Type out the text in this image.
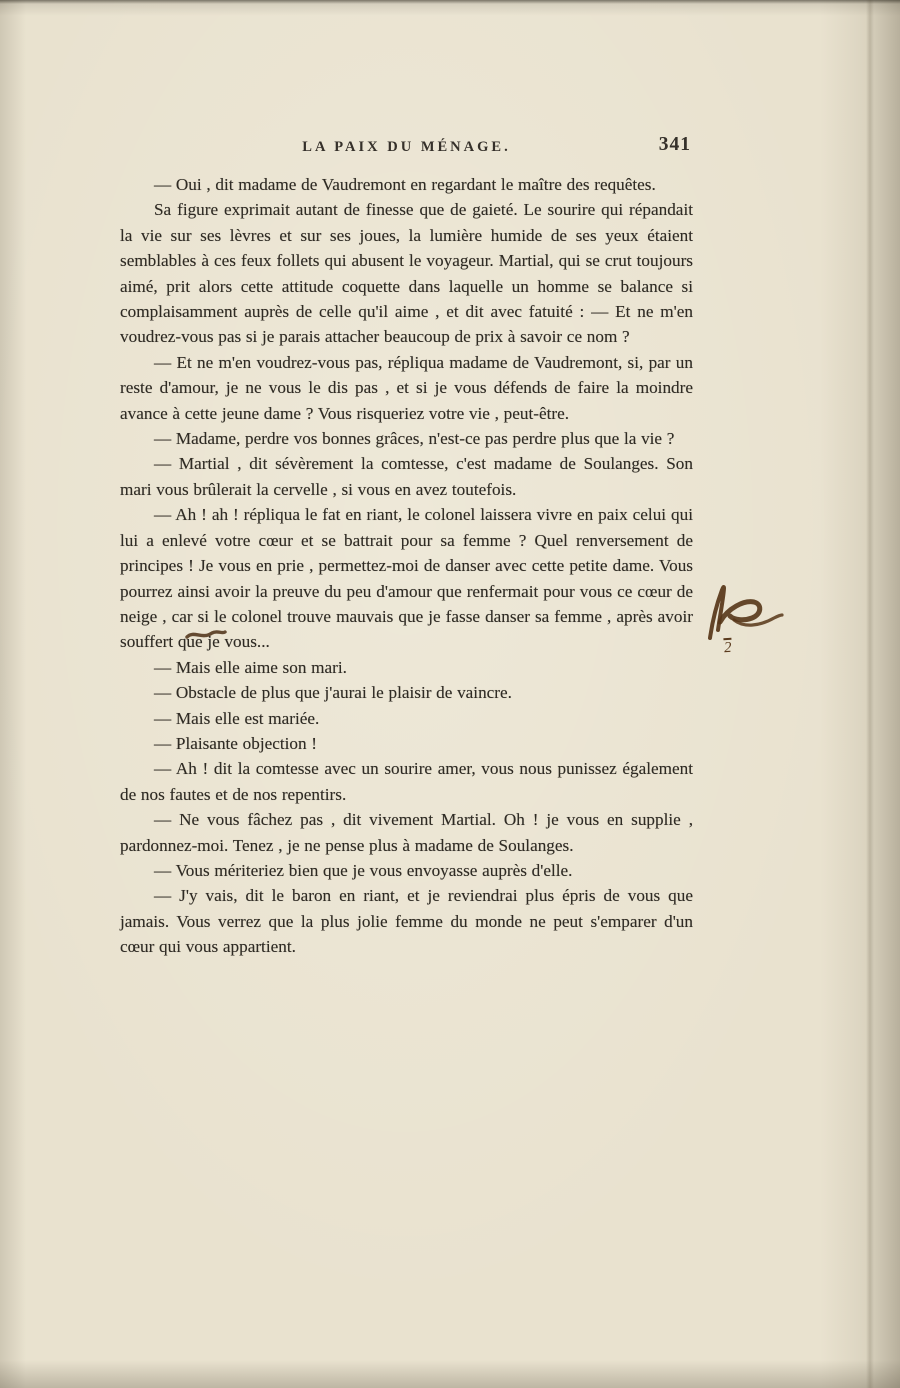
LA PAIX DU MÉNAGE.	341

— Oui , dit madame de Vaudremont en regardant le maître des requêtes.

Sa figure exprimait autant de finesse que de gaieté. Le sourire qui répandait la vie sur ses lèvres et sur ses joues, la lumière humide de ses yeux étaient semblables à ces feux follets qui abusent le voyageur. Martial, qui se crut toujours aimé, prit alors cette attitude coquette dans laquelle un homme se balance si complaisamment auprès de celle qu'il aime , et dit avec fatuité : — Et ne m'en voudrez-vous pas si je parais attacher beaucoup de prix à savoir ce nom ?

— Et ne m'en voudrez-vous pas, répliqua madame de Vaudremont, si, par un reste d'amour, je ne vous le dis pas , et si je vous défends de faire la moindre avance à cette jeune dame ? Vous risqueriez votre vie , peut-être.

— Madame, perdre vos bonnes grâces, n'est-ce pas perdre plus que la vie ?

— Martial , dit sévèrement la comtesse, c'est madame de Soulanges. Son mari vous brûlerait la cervelle , si vous en avez toutefois.

— Ah ! ah ! répliqua le fat en riant, le colonel laissera vivre en paix celui qui lui a enlevé votre cœur et se battrait pour sa femme ? Quel renversement de principes ! Je vous en prie , permettez-moi de danser avec cette petite dame. Vous pourrez ainsi avoir la preuve du peu d'amour que renfermait pour vous ce cœur de neige , car si le colonel trouve mauvais que je fasse danser sa femme , après avoir souffert que je vous...

— Mais elle aime son mari.

— Obstacle de plus que j'aurai le plaisir de vaincre.

— Mais elle est mariée.

— Plaisante objection !

— Ah ! dit la comtesse avec un sourire amer, vous nous punissez également de nos fautes et de nos repentirs.

— Ne vous fâchez pas , dit vivement Martial. Oh ! je vous en supplie , pardonnez-moi. Tenez , je ne pense plus à madame de Soulanges.

— Vous mériteriez bien que je vous envoyasse auprès d'elle.

— J'y vais, dit le baron en riant, et je reviendrai plus épris de vous que jamais. Vous verrez que la plus jolie femme du monde ne peut s'emparer d'un cœur qui vous appartient.

2
